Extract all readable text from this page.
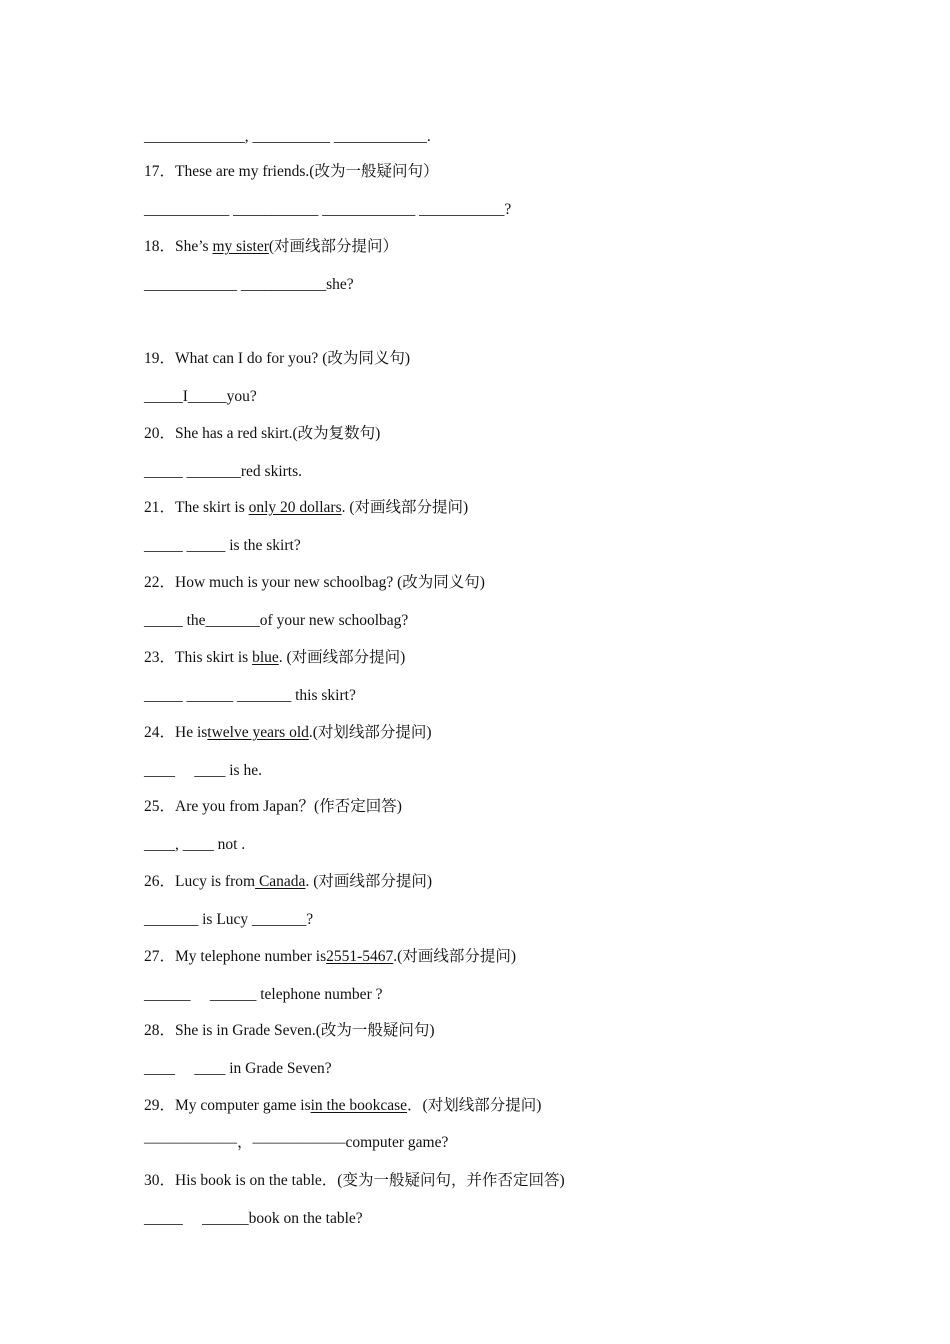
_____________, __________ ____________.
17．These are my friends.(改为一般疑问句）
___________ ___________ ____________ ___________?
18．She’s my sister(对画线部分提问）
____________ ___________she?
19．What can I do for you? (改为同义句)
_____I_____you?
20．She has a red skirt.(改为复数句)
_____ _______red skirts.
21．The skirt is only 20 dollars. (对画线部分提问)
_____ _____ is the skirt?
22．How much is your new schoolbag? (改为同义句)
_____ the_______of your new schoolbag?
23．This skirt is blue. (对画线部分提问)
_____ ______ _______ this skirt?
24．He istwelve years old.(对划线部分提问)
____     ____ is he.
25．Are you from Japan？(作否定回答)
____, ____ not .
26．Lucy is from Canada. (对画线部分提问)
_______ is Lucy _______?
27．My telephone number is2551-5467.(对画线部分提问)
______     ______ telephone number ?
28．She is in Grade Seven.(改为一般疑问句)
____     ____ in Grade Seven?
29．My computer game isin the bookcase．(对划线部分提问)
——————，——————computer game?
30．His book is on the table．(变为一般疑问句，并作否定回答)
_____     ______book on the table?
